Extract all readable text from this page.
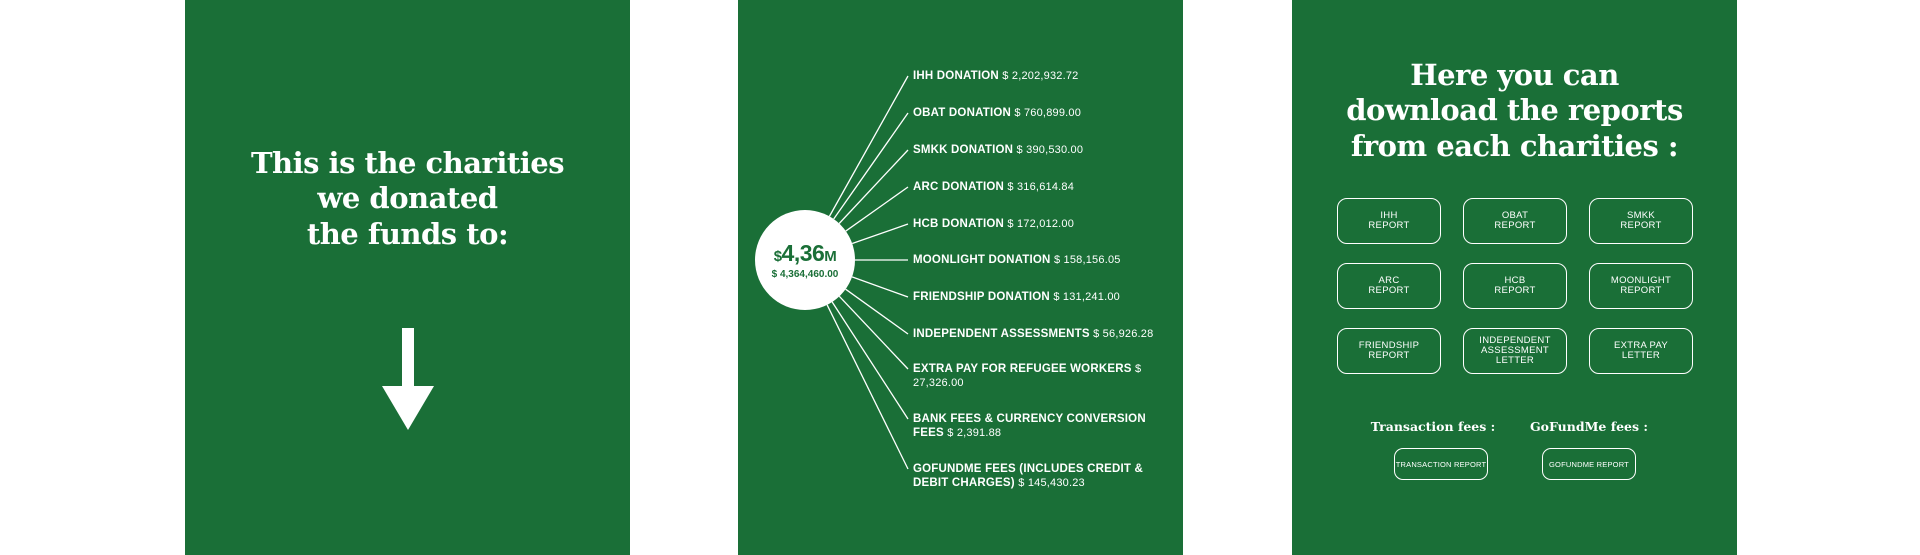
This is the charities
we donated
the funds to:
$4,36M
$ 4,364,460.00
IHH DONATION $ 2,202,932.72
OBAT DONATION $ 760,899.00
SMKK DONATION $ 390,530.00
ARC DONATION $ 316,614.84
HCB DONATION $ 172,012.00
MOONLIGHT DONATION $ 158,156.05
FRIENDSHIP DONATION $ 131,241.00
INDEPENDENT ASSESSMENTS $ 56,926.28
EXTRA PAY FOR REFUGEE WORKERS $ 27,326.00
BANK FEES & CURRENCY CONVERSION FEES $ 2,391.88
GOFUNDME FEES (INCLUDES CREDIT & DEBIT CHARGES) $ 145,430.23
Here you can
download the reports
from each charities :
IHH
REPORT
OBAT
REPORT
SMKK
REPORT
ARC
REPORT
HCB
REPORT
MOONLIGHT
REPORT
FRIENDSHIP
REPORT
INDEPENDENT
ASSESSMENT
LETTER
EXTRA PAY
LETTER
Transaction fees :	GoFundMe fees :
TRANSACTION REPORT	GOFUNDME REPORT
